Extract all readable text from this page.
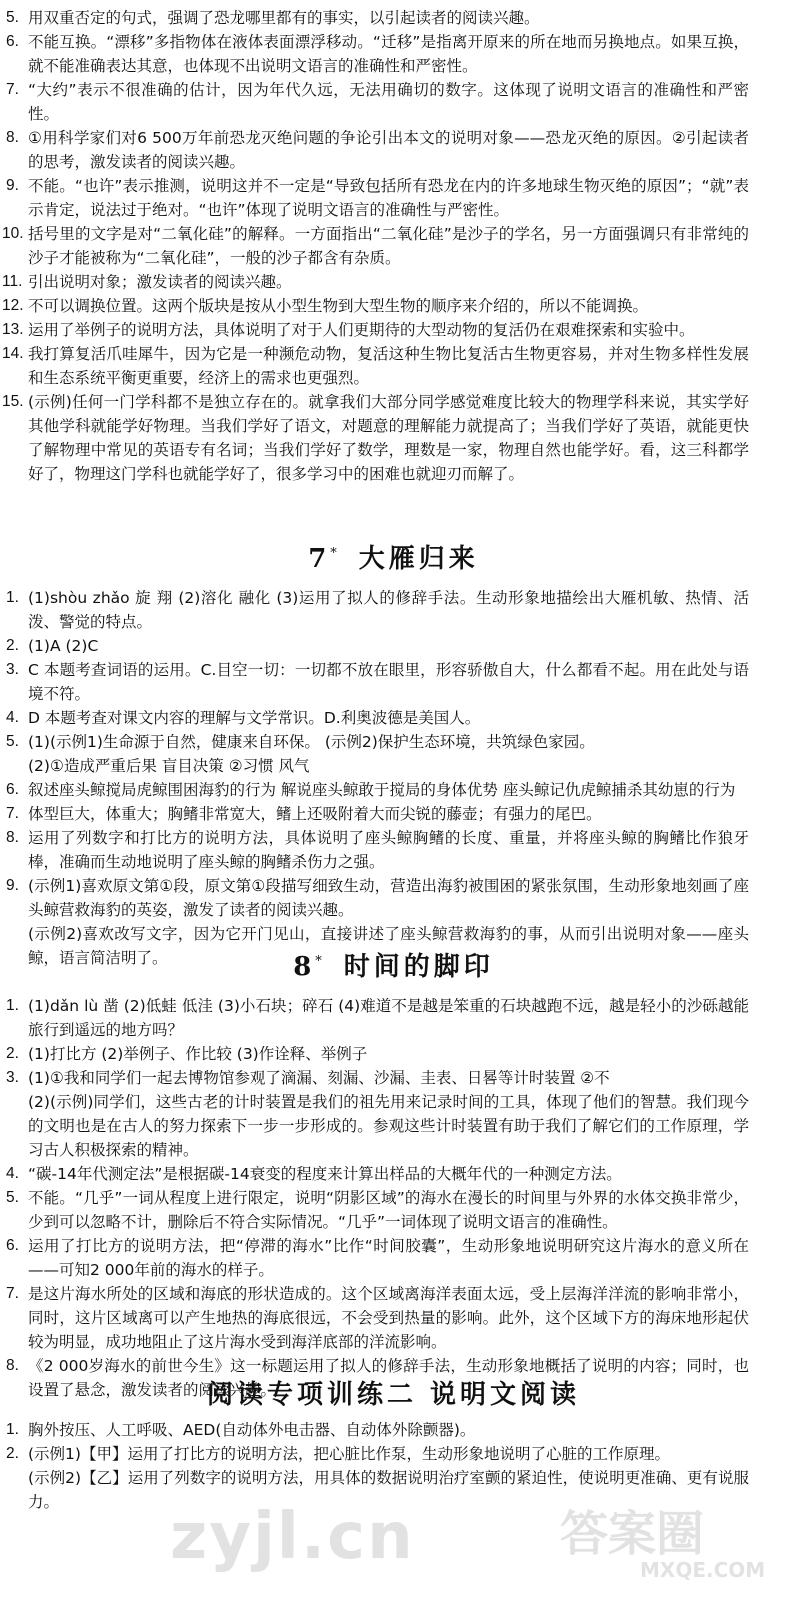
5. 用双重否定的句式，强调了恐龙哪里都有的事实，以引起读者的阅读兴趣。
6. 不能互换。“漂移”多指物体在液体表面漂浮移动。“迁移”是指离开原来的所在地而另换地点。如果互换，就不能准确表达其意，也体现不出说明文语言的准确性和严密性。
7. “大约”表示不很准确的估计，因为年代久远，无法用确切的数字。这体现了说明文语言的准确性和严密性。
8. ①用科学家们对6 500万年前恐龙灭绝问题的争论引出本文的说明对象——恐龙灭绝的原因。②引起读者的思考，激发读者的阅读兴趣。
9. 不能。“也许”表示推测，说明这并不一定是“导致包括所有恐龙在内的许多地球生物灭绝的原因”；“就”表示肯定，说法过于绝对。“也许”体现了说明文语言的准确性与严密性。
10. 括号里的文字是对“二氧化硅”的解释。一方面指出“二氧化硅”是沙子的学名，另一方面强调只有非常纯的沙子才能被称为“二氧化硅”，一般的沙子都含有杂质。
11. 引出说明对象；激发读者的阅读兴趣。
12. 不可以调换位置。这两个版块是按从小型生物到大型生物的顺序来介绍的，所以不能调换。
13. 运用了举例子的说明方法，具体说明了对于人们更期待的大型动物的复活仍在艰难探索和实验中。
14. 我打算复活爪哇犀牛，因为它是一种濒危动物，复活这种生物比复活古生物更容易，并对生物多样性发展和生态系统平衡更重要，经济上的需求也更强烈。
15. (示例)任何一门学科都不是独立存在的。就拿我们大部分同学感觉难度比较大的物理学科来说，其实学好其他学科就能学好物理。当我们学好了语文，对题意的理解能力就提高了；当我们学好了英语，就能更快了解物理中常见的英语专有名词；当我们学好了数学，理数是一家，物理自然也能学好。看，这三科都学好了，物理这门学科也就能学好了，很多学习中的困难也就迎刃而解了。
7* 大雁归来
1. (1)shòu zhǎo 旋 翔 (2)溶化 融化 (3)运用了拟人的修辞手法。生动形象地描绘出大雁机敏、热情、活泼、警觉的特点。
2. (1)A (2)C
3. C 本题考查词语的运用。C.目空一切：一切都不放在眼里，形容骄傲自大，什么都看不起。用在此处与语境不符。
4. D 本题考查对课文内容的理解与文学常识。D.利奥波德是美国人。
5. (1)(示例1)生命源于自然，健康来自环保。 (示例2)保护生态环境，共筑绿色家园。
(2)①造成严重后果 盲目决策 ②习惯 风气
6. 叙述座头鲸搅局虎鲸围困海豹的行为 解说座头鲸敢于搅局的身体优势 座头鲸记仇虎鲸捕杀其幼崽的行为
7. 体型巨大，体重大；胸鳍非常宽大，鳍上还吸附着大而尖锐的藤壶；有强力的尾巴。
8. 运用了列数字和打比方的说明方法，具体说明了座头鲸胸鳍的长度、重量，并将座头鲸的胸鳍比作狼牙棒，准确而生动地说明了座头鲸的胸鳍杀伤力之强。
9. (示例1)喜欢原文第①段，原文第①段描写细致生动，营造出海豹被围困的紧张氛围，生动形象地刻画了座头鲸营救海豹的英姿，激发了读者的阅读兴趣。
(示例2)喜欢改写文字，因为它开门见山，直接讲述了座头鲸营救海豹的事，从而引出说明对象——座头鲸，语言简洁明了。	8* 时间的脚印
1. (1)dǎn lù 凿 (2)低蛙 低洼 (3)小石块；碎石 (4)难道不是越是笨重的石块越跑不远，越是轻小的沙砾越能旅行到遥远的地方吗？
2. (1)打比方 (2)举例子、作比较 (3)作诠释、举例子
3. (1)①我和同学们一起去博物馆参观了滴漏、刻漏、沙漏、圭表、日晷等计时装置 ②不
(2)(示例)同学们，这些古老的计时装置是我们的祖先用来记录时间的工具，体现了他们的智慧。我们现今的文明也是在古人的努力探索下一步一步形成的。参观这些计时装置有助于我们了解它们的工作原理，学习古人积极探索的精神。
4. “碳-14年代测定法”是根据碳-14衰变的程度来计算出样品的大概年代的一种测定方法。
5. 不能。“几乎”一词从程度上进行限定，说明“阴影区域”的海水在漫长的时间里与外界的水体交换非常少，少到可以忽略不计，删除后不符合实际情况。“几乎”一词体现了说明文语言的准确性。
6. 运用了打比方的说明方法，把“停滞的海水”比作“时间胶囊”，生动形象地说明研究这片海水的意义所在——可知2 000年前的海水的样子。
7. 是这片海水所处的区域和海底的形状造成的。这个区域离海洋表面太远，受上层海洋洋流的影响非常小，同时，这片区域离可以产生地热的海底很远，不会受到热量的影响。此外，这个区域下方的海床地形起伏较为明显，成功地阻止了这片海水受到海洋底部的洋流影响。
8. 《2 000岁海水的前世今生》这一标题运用了拟人的修辞手法，生动形象地概括了说明的内容；同时，也设置了悬念，激发读者的阅读兴趣。
阅读专项训练二 说明文阅读
1. 胸外按压、人工呼吸、AED(自动体外电击器、自动体外除颤器)。
2. (示例1)【甲】运用了打比方的说明方法，把心脏比作泵，生动形象地说明了心脏的工作原理。
(示例2)【乙】运用了列数字的说明方法，用具体的数据说明治疗室颤的紧迫性，使说明更准确、更有说服力。	zyjl.cn	答案圈
MXQE.COM
